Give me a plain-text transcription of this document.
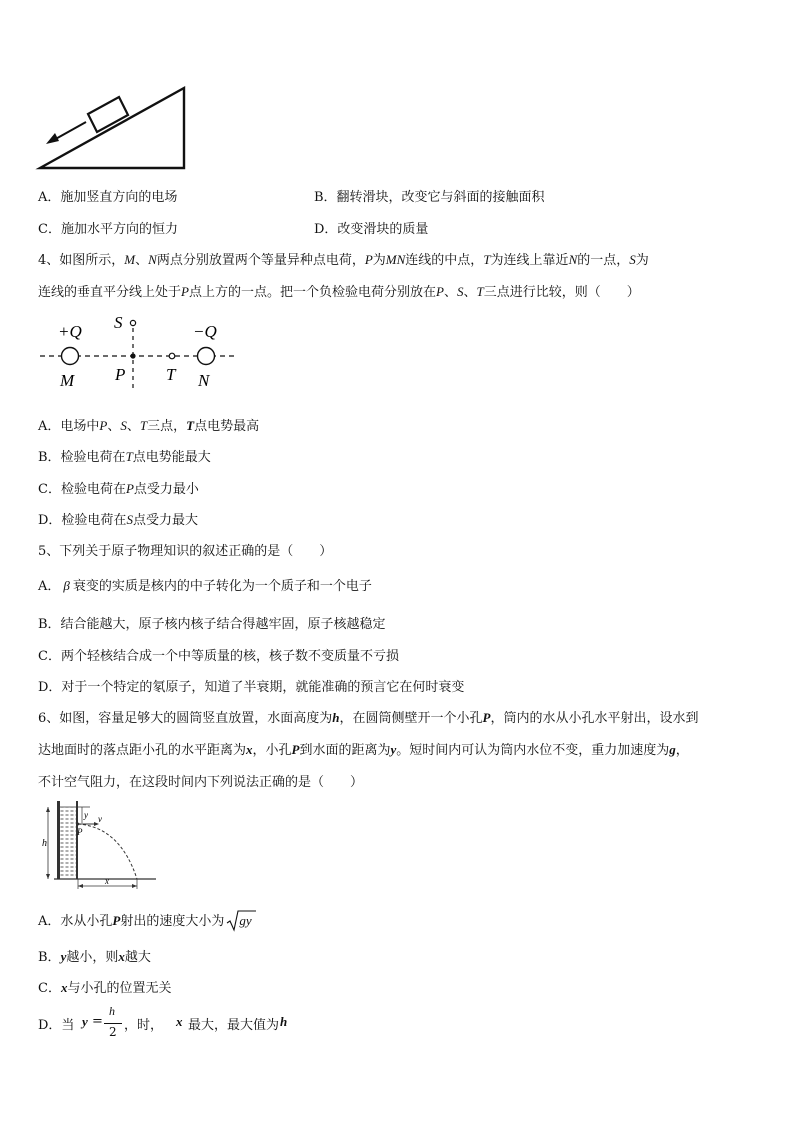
A．施加竖直方向的电场	B．翻转滑块，改变它与斜面的接触面积
C．施加水平方向的恒力	D．改变滑块的质量
4、如图所示，M、N两点分别放置两个等量异种点电荷，P为MN连线的中点，T为连线上靠近N的一点，S为
连线的垂直平分线上处于P点上方的一点。把一个负检验电荷分别放在P、S、T三点进行比较，则（　　）
+Q	−Q
S
M P T N
A．电场中P、S、T三点，T点电势最高
B．检验电荷在T点电势能最大
C．检验电荷在P点受力最小
D．检验电荷在S点受力最大
5、下列关于原子物理知识的叙述正确的是（　　）
A． β 衰变的实质是核内的中子转化为一个质子和一个电子
B．结合能越大，原子核内核子结合得越牢固，原子核越稳定
C．两个轻核结合成一个中等质量的核，核子数不变质量不亏损
D．对于一个特定的氡原子，知道了半衰期，就能准确的预言它在何时衰变
6、如图，容量足够大的圆筒竖直放置，水面高度为h，在圆筒侧壁开一个小孔P，筒内的水从小孔水平射出，设水到
达地面时的落点距小孔的水平距离为x，小孔P到水面的距离为y。短时间内可认为筒内水位不变，重力加速度为g，
不计空气阻力，在这段时间内下列说法正确的是（　　）
h
y
P
v
x
A．水从小孔P射出的速度大小为 gy
B．y越小，则x越大
C．x与小孔的位置无关
D．当 y =
h
2 ，时， x 最大，最大值为 h
